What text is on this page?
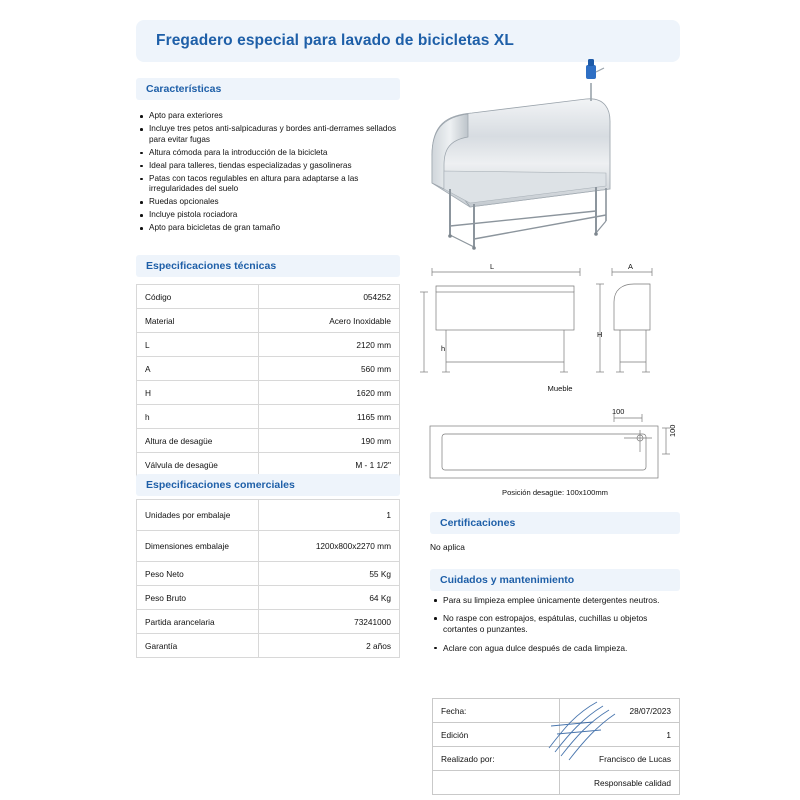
Fregadero especial para lavado de bicicletas XL
Características
Apto para exteriores
Incluye tres petos anti-salpicaduras y bordes anti-derrames sellados para evitar fugas
Altura cómoda para la introducción de la bicicleta
Ideal para talleres, tiendas especializadas y gasolineras
Patas con tacos regulables en altura para adaptarse a las irregularidades del suelo
Ruedas opcionales
Incluye pistola rociadora
Apto para bicicletas de gran tamaño
Especificaciones técnicas
Código	054252
Material	Acero Inoxidable
L	2120 mm
A	560 mm
H	1620 mm
h	1165 mm
Altura de desagüe	190 mm
Válvula de desagüe	M - 1 1/2"
Especificaciones comerciales
Unidades por embalaje	1
Dimensiones embalaje	1200x800x2270 mm
Peso Neto	55 Kg
Peso Bruto	64 Kg
Partida arancelaria	73241000
Garantía	2 años
L	A
H
h
Mueble
100
100
Posición desagüe: 100x100mm
Certificaciones
No aplica
Cuidados y mantenimiento
Para su limpieza emplee únicamente detergentes neutros.
No raspe con estropajos, espátulas, cuchillas u objetos cortantes o punzantes.
Aclare con agua dulce después de cada limpieza.
Fecha:	28/07/2023
Edición	1
Realizado por:	Francisco de Lucas
	Responsable calidad
